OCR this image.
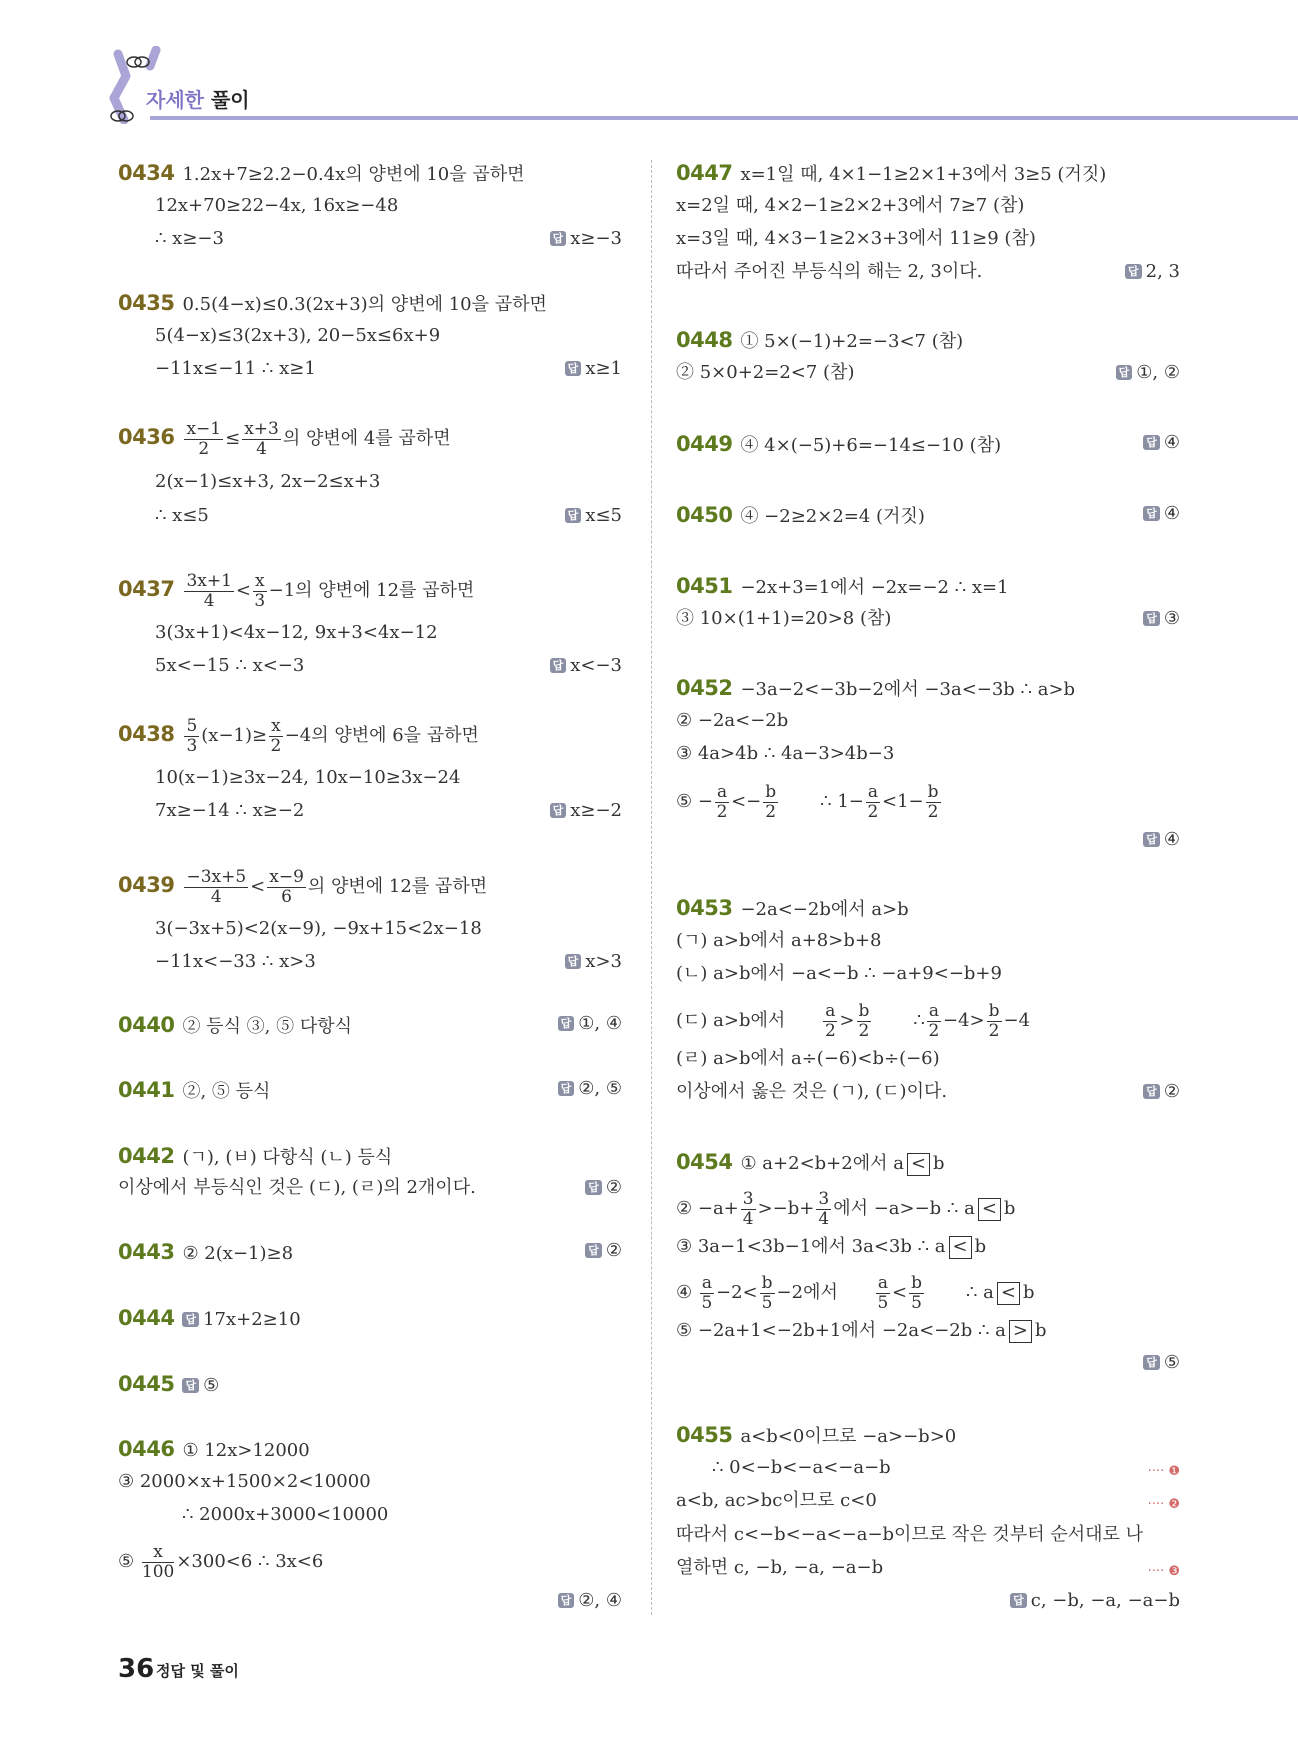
자세한 풀이
0434 1.2x+7≥2.2−0.4x의 양변에 10을 곱하면
12x+70≥22−4x, 16x≥−48
∴ x≥−3	답 x≥−3
0435 0.5(4−x)≤0.3(2x+3)의 양변에 10을 곱하면
5(4−x)≤3(2x+3), 20−5x≤6x+9
−11x≤−11 ∴ x≥1	답 x≥1
$0436 \frac{x-1}{2} \le \frac{x+3}{4}$ 의 양변에 4를 곱하면
2(x−1)≤x+3, 2x−2≤x+3
∴ x≤5	답 x≤5
$0437 \frac{3x+1}{4} < \frac{x}{3} -1$의 양변에 12를 곱하면
3(3x+1)<4x−12, 9x+3<4x−12
5x<−15 ∴ x<−3	답 x<−3
$0438 \frac{5}{3} (x-1)\ge \frac{x}{2} -4$의 양변에 6을 곱하면
10(x−1)≥3x−24, 10x−10≥3x−24
7x≥−14 ∴ x≥−2	답 x≥−2
$0439 \frac{-3x+5}{4} < \frac{x-9}{6}$ 의 양변에 12를 곱하면
3(−3x+5)<2(x−9), −9x+15<2x−18
−11x<−33 ∴ x>3	답 x>3
0440 ② 등식 ③, ⑤ 다항식	답 ①, ④
0441 ②, ⑤ 등식	답 ②, ⑤
0442 (ㄱ), (ㅂ) 다항식 (ㄴ) 등식
이상에서 부등식인 것은 (ㄷ), (ㄹ)의 2개이다.	답 ②
0443 ② 2(x−1)≥8	답 ②
0444 답 17x+2≥10
0445 답 ⑤
0446 ① 12x>12000
③ 2000×x+1500×2<10000
∴ 2000x+3000<10000
⑤ $\frac{x}{100} \times 300<6$ ∴ 3x<6
답 ②, ④
0447 x=1일 때, 4×1−1≥2×1+3에서 3≥5 (거짓)
x=2일 때, 4×2−1≥2×2+3에서 7≥7 (참)
x=3일 때, 4×3−1≥2×3+3에서 11≥9 (참)
따라서 주어진 부등식의 해는 2, 3이다.	답 2, 3
0448 ① 5×(−1)+2=−3<7 (참)
② 5×0+2=2<7 (참)	답 ①, ②
0449 ④ 4×(−5)+6=−14≤−10 (참)	답 ④
0450 ④ −2≥2×2=4 (거짓)	답 ④
0451 −2x+3=1에서 −2x=−2 ∴ x=1
③ 10×(1+1)=20>8 (참)	답 ③
0452 −3a−2<−3b−2에서 −3a<−3b ∴ a>b
② −2a<−2b
③ 4a>4b ∴ 4a−3>4b−3
⑤ − $\frac{a}{2} <- \frac{b}{2}$ ∴ $1- \frac{a}{2} <1- \frac{b}{2}$
답 ④
0453 −2a<−2b에서 a>b
(ㄱ) a>b에서 a+8>b+8
(ㄴ) a>b에서 −a<−b ∴ −a+9<−b+9
(ㄷ) a>b에서 $\frac{a}{2} > \frac{b}{2}$ ∴ $\frac{a}{2} -4> \frac{b}{2} -4$
(ㄹ) a>b에서 a÷(−6)<b÷(−6)
이상에서 옳은 것은 (ㄱ), (ㄷ)이다.	답 ②
0454 ① a+2<b+2에서 a < b
② $-a+ \frac{3}{4} >-b+ \frac{3}{4}$ 에서 −a>−b ∴ a < b
③ 3a−1<3b−1에서 3a<3b ∴ a < b
④ $\frac{a}{5} -2< \frac{b}{5} -2$에서 $\frac{a}{5} < \frac{b}{5}$ ∴ a < b
⑤ −2a+1<−2b+1에서 −2a<−2b ∴ a > b
답 ⑤
0455 a<b<0이므로 −a>−b>0
∴ 0<−b<−a<−a−b	···· ❶
a<b, ac>bc이므로 c<0	···· ❷
따라서 c<−b<−a<−a−b이므로 작은 것부터 순서대로 나
열하면 c, −b, −a, −a−b	···· ❸
답 c, −b, −a, −a−b
36 정답 및 풀이
